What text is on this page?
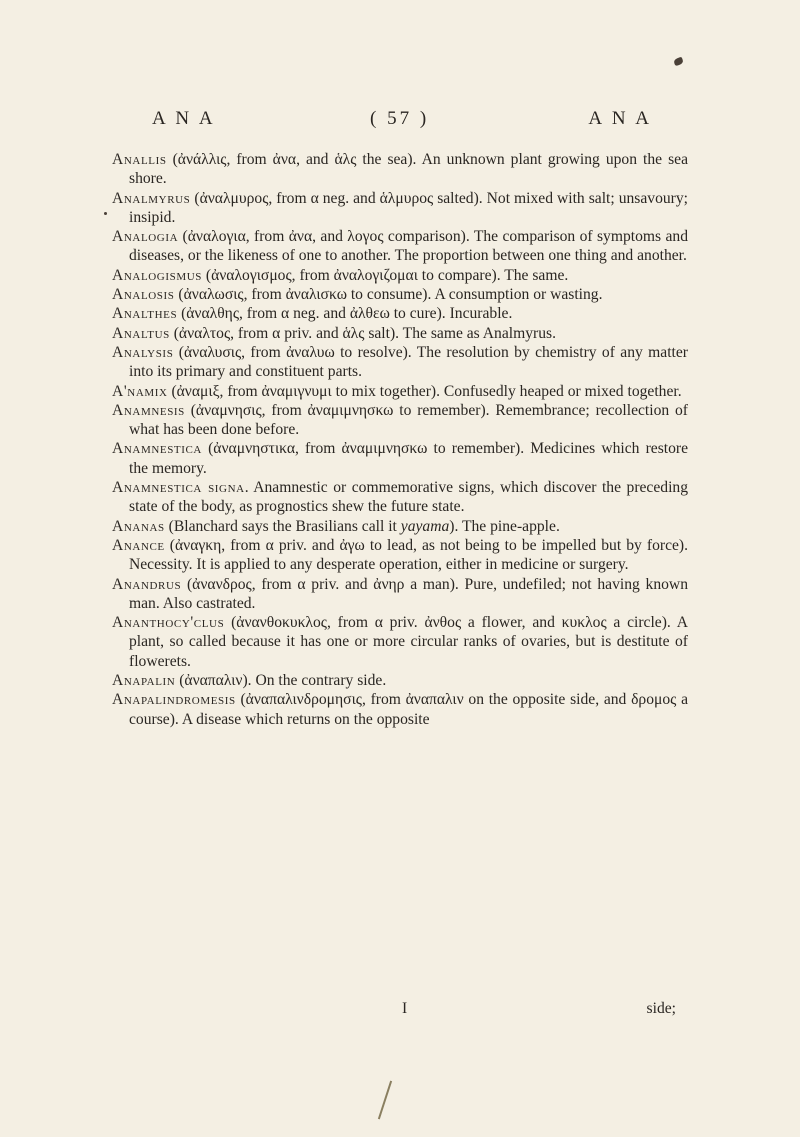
A N A	( 57 )	A N A

Anallis (ἀνάλλις, from ἀνα, and ἁλς the sea). An unknown plant growing upon the sea shore.

Analmyrus (ἀναλμυρος, from α neg. and ἁλμυρος salted). Not mixed with salt; unsavoury; insipid.

Analogia (ἀναλογια, from ἀνα, and λογος comparison). The comparison of symptoms and diseases, or the likeness of one to another. The proportion between one thing and another.

Analogismus (ἀναλογισμος, from ἀναλογιζομαι to compare). The same.

Analosis (ἀναλωσις, from ἀναλισκω to consume). A consumption or wasting.

Analthes (ἀναλθης, from α neg. and ἀλθεω to cure). Incurable.

Analtus (ἀναλτος, from α priv. and ἁλς salt). The same as Analmyrus.

Analysis (ἀναλυσις, from ἀναλυω to resolve). The resolution by chemistry of any matter into its primary and constituent parts.

A'namix (ἀναμιξ, from ἀναμιγνυμι to mix together). Confusedly heaped or mixed together.

Anamnesis (ἀναμνησις, from ἀναμιμνησκω to remember). Remembrance; recollection of what has been done before.

Anamnestica (ἀναμνηστικα, from ἀναμιμνησκω to remember). Medicines which restore the memory.

Anamnestica signa. Anamnestic or commemorative signs, which discover the preceding state of the body, as prognostics shew the future state.

Ananas (Blanchard says the Brasilians call it yayama). The pine-apple.

Anance (ἀναγκη, from α priv. and ἀγω to lead, as not being to be impelled but by force). Necessity. It is applied to any desperate operation, either in medicine or surgery.

Anandrus (ἀνανδρος, from α priv. and ἀνηρ a man). Pure, undefiled; not having known man. Also castrated.

Ananthocy'clus (ἀνανθοκυκλος, from α priv. ἀνθος a flower, and κυκλος a circle). A plant, so called because it has one or more circular ranks of ovaries, but is destitute of flowerets.

Anapalin (ἀναπαλιν). On the contrary side.

Anapalindromesis (ἀναπαλινδρομησις, from ἀναπαλιν on the opposite side, and δρομος a course). A disease which returns on the opposite

I	side;
